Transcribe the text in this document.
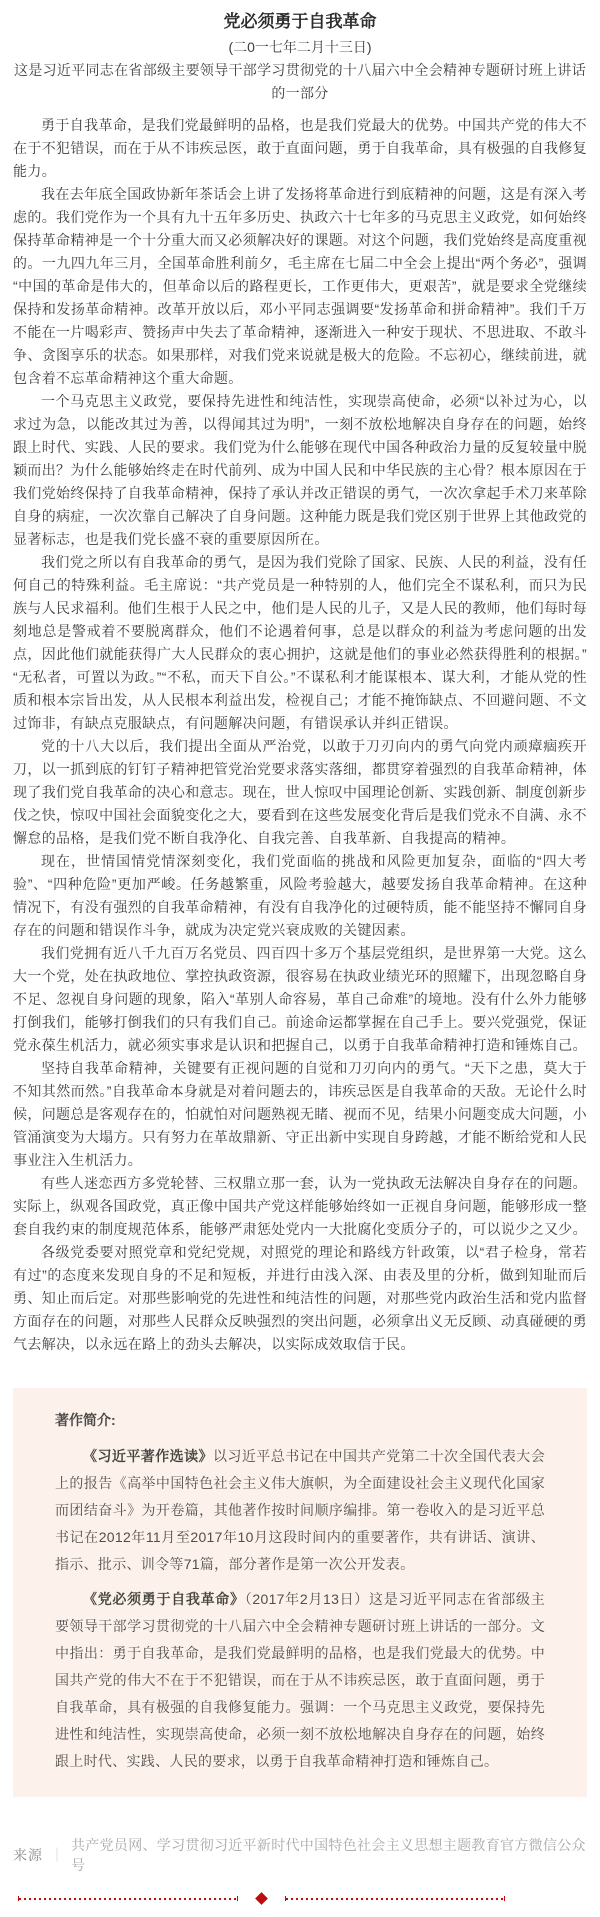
党必须勇于自我革命
(二0一七年二月十三日)
这是习近平同志在省部级主要领导干部学习贯彻党的十八届六中全会精神专题研讨班上讲话的一部分

勇于自我革命，是我们党最鲜明的品格，也是我们党最大的优势。中国共产党的伟大不在于不犯错误，而在于从不讳疾忌医，敢于直面问题，勇于自我革命，具有极强的自我修复能力。

我在去年底全国政协新年茶话会上讲了发扬将革命进行到底精神的问题，这是有深入考虑的。我们党作为一个具有九十五年多历史、执政六十七年多的马克思主义政党，如何始终保持革命精神是一个十分重大而又必须解决好的课题。对这个问题，我们党始终是高度重视的。一九四九年三月，全国革命胜利前夕，毛主席在七届二中全会上提出“两个务必”，强调“中国的革命是伟大的，但革命以后的路程更长，工作更伟大，更艰苦”，就是要求全党继续保持和发扬革命精神。改革开放以后，邓小平同志强调要“发扬革命和拼命精神”。我们千万不能在一片喝彩声、赞扬声中失去了革命精神，逐渐进入一种安于现状、不思进取、不敢斗争、贪图享乐的状态。如果那样，对我们党来说就是极大的危险。不忘初心，继续前进，就包含着不忘革命精神这个重大命题。

一个马克思主义政党，要保持先进性和纯洁性，实现崇高使命，必须“以补过为心，以求过为急，以能改其过为善，以得闻其过为明”，一刻不放松地解决自身存在的问题，始终跟上时代、实践、人民的要求。我们党为什么能够在现代中国各种政治力量的反复较量中脱颖而出？为什么能够始终走在时代前列、成为中国人民和中华民族的主心骨？根本原因在于我们党始终保持了自我革命精神，保持了承认并改正错误的勇气，一次次拿起手术刀来革除自身的病症，一次次靠自己解决了自身问题。这种能力既是我们党区别于世界上其他政党的显著标志，也是我们党长盛不衰的重要原因所在。

我们党之所以有自我革命的勇气，是因为我们党除了国家、民族、人民的利益，没有任何自己的特殊利益。毛主席说：“共产党员是一种特别的人，他们完全不谋私利，而只为民族与人民求福利。他们生根于人民之中，他们是人民的儿子，又是人民的教师，他们每时每刻地总是警戒着不要脱离群众，他们不论遇着何事，总是以群众的利益为考虑问题的出发点，因此他们就能获得广大人民群众的衷心拥护，这就是他们的事业必然获得胜利的根据。”“无私者，可置以为政。”“不私，而天下自公。”不谋私利才能谋根本、谋大利，才能从党的性质和根本宗旨出发，从人民根本利益出发，检视自己；才能不掩饰缺点、不回避问题、不文过饰非，有缺点克服缺点，有问题解决问题，有错误承认并纠正错误。

党的十八大以后，我们提出全面从严治党，以敢于刀刃向内的勇气向党内顽瘴痼疾开刀，以一抓到底的钉钉子精神把管党治党要求落实落细，都贯穿着强烈的自我革命精神，体现了我们党自我革命的决心和意志。现在，世人惊叹中国理论创新、实践创新、制度创新步伐之快，惊叹中国社会面貌变化之大，要看到在这些发展变化背后是我们党永不自满、永不懈怠的品格，是我们党不断自我净化、自我完善、自我革新、自我提高的精神。

现在，世情国情党情深刻变化，我们党面临的挑战和风险更加复杂，面临的“四大考验”、“四种危险”更加严峻。任务越繁重，风险考验越大，越要发扬自我革命精神。在这种情况下，有没有强烈的自我革命精神，有没有自我净化的过硬特质，能不能坚持不懈同自身存在的问题和错误作斗争，就成为决定党兴衰成败的关键因素。

我们党拥有近八千九百万名党员、四百四十多万个基层党组织，是世界第一大党。这么大一个党，处在执政地位、掌控执政资源，很容易在执政业绩光环的照耀下，出现忽略自身不足、忽视自身问题的现象，陷入“革别人命容易，革自己命难”的境地。没有什么外力能够打倒我们，能够打倒我们的只有我们自己。前途命运都掌握在自己手上。要兴党强党，保证党永葆生机活力，就必须实事求是认识和把握自己，以勇于自我革命精神打造和锤炼自己。

坚持自我革命精神，关键要有正视问题的自觉和刀刃向内的勇气。“天下之患，莫大于不知其然而然。”自我革命本身就是对着问题去的，讳疾忌医是自我革命的天敌。无论什么时候，问题总是客观存在的，怕就怕对问题熟视无睹、视而不见，结果小问题变成大问题，小管涌演变为大塌方。只有努力在革故鼎新、守正出新中实现自身跨越，才能不断给党和人民事业注入生机活力。

有些人迷恋西方多党轮替、三权鼎立那一套，认为一党执政无法解决自身存在的问题。实际上，纵观各国政党，真正像中国共产党这样能够始终如一正视自身问题，能够形成一整套自我约束的制度规范体系，能够严肃惩处党内一大批腐化变质分子的，可以说少之又少。

各级党委要对照党章和党纪党规，对照党的理论和路线方针政策，以“君子检身，常若有过”的态度来发现自身的不足和短板，并进行由浅入深、由表及里的分析，做到知耻而后勇、知止而后定。对那些影响党的先进性和纯洁性的问题，对那些党内政治生活和党内监督方面存在的问题，对那些人民群众反映强烈的突出问题，必须拿出义无反顾、动真碰硬的勇气去解决，以永远在路上的劲头去解决，以实际成效取信于民。

著作简介:

《习近平著作选读》以习近平总书记在中国共产党第二十次全国代表大会上的报告《高举中国特色社会主义伟大旗帜，为全面建设社会主义现代化国家而团结奋斗》为开卷篇，其他著作按时间顺序编排。第一卷收入的是习近平总书记在2012年11月至2017年10月这段时间内的重要著作，共有讲话、演讲、指示、批示、训令等71篇，部分著作是第一次公开发表。

《党必须勇于自我革命》（2017年2月13日）这是习近平同志在省部级主要领导干部学习贯彻党的十八届六中全会精神专题研讨班上讲话的一部分。文中指出：勇于自我革命，是我们党最鲜明的品格，也是我们党最大的优势。中国共产党的伟大不在于不犯错误，而在于从不讳疾忌医，敢于直面问题，勇于自我革命，具有极强的自我修复能力。强调：一个马克思主义政党，要保持先进性和纯洁性，实现崇高使命，必须一刻不放松地解决自身存在的问题，始终跟上时代、实践、人民的要求，以勇于自我革命精神打造和锤炼自己。

来源 ｜
共产党员网、学习贯彻习近平新时代中国特色社会主义思想主题教育官方微信公众号
